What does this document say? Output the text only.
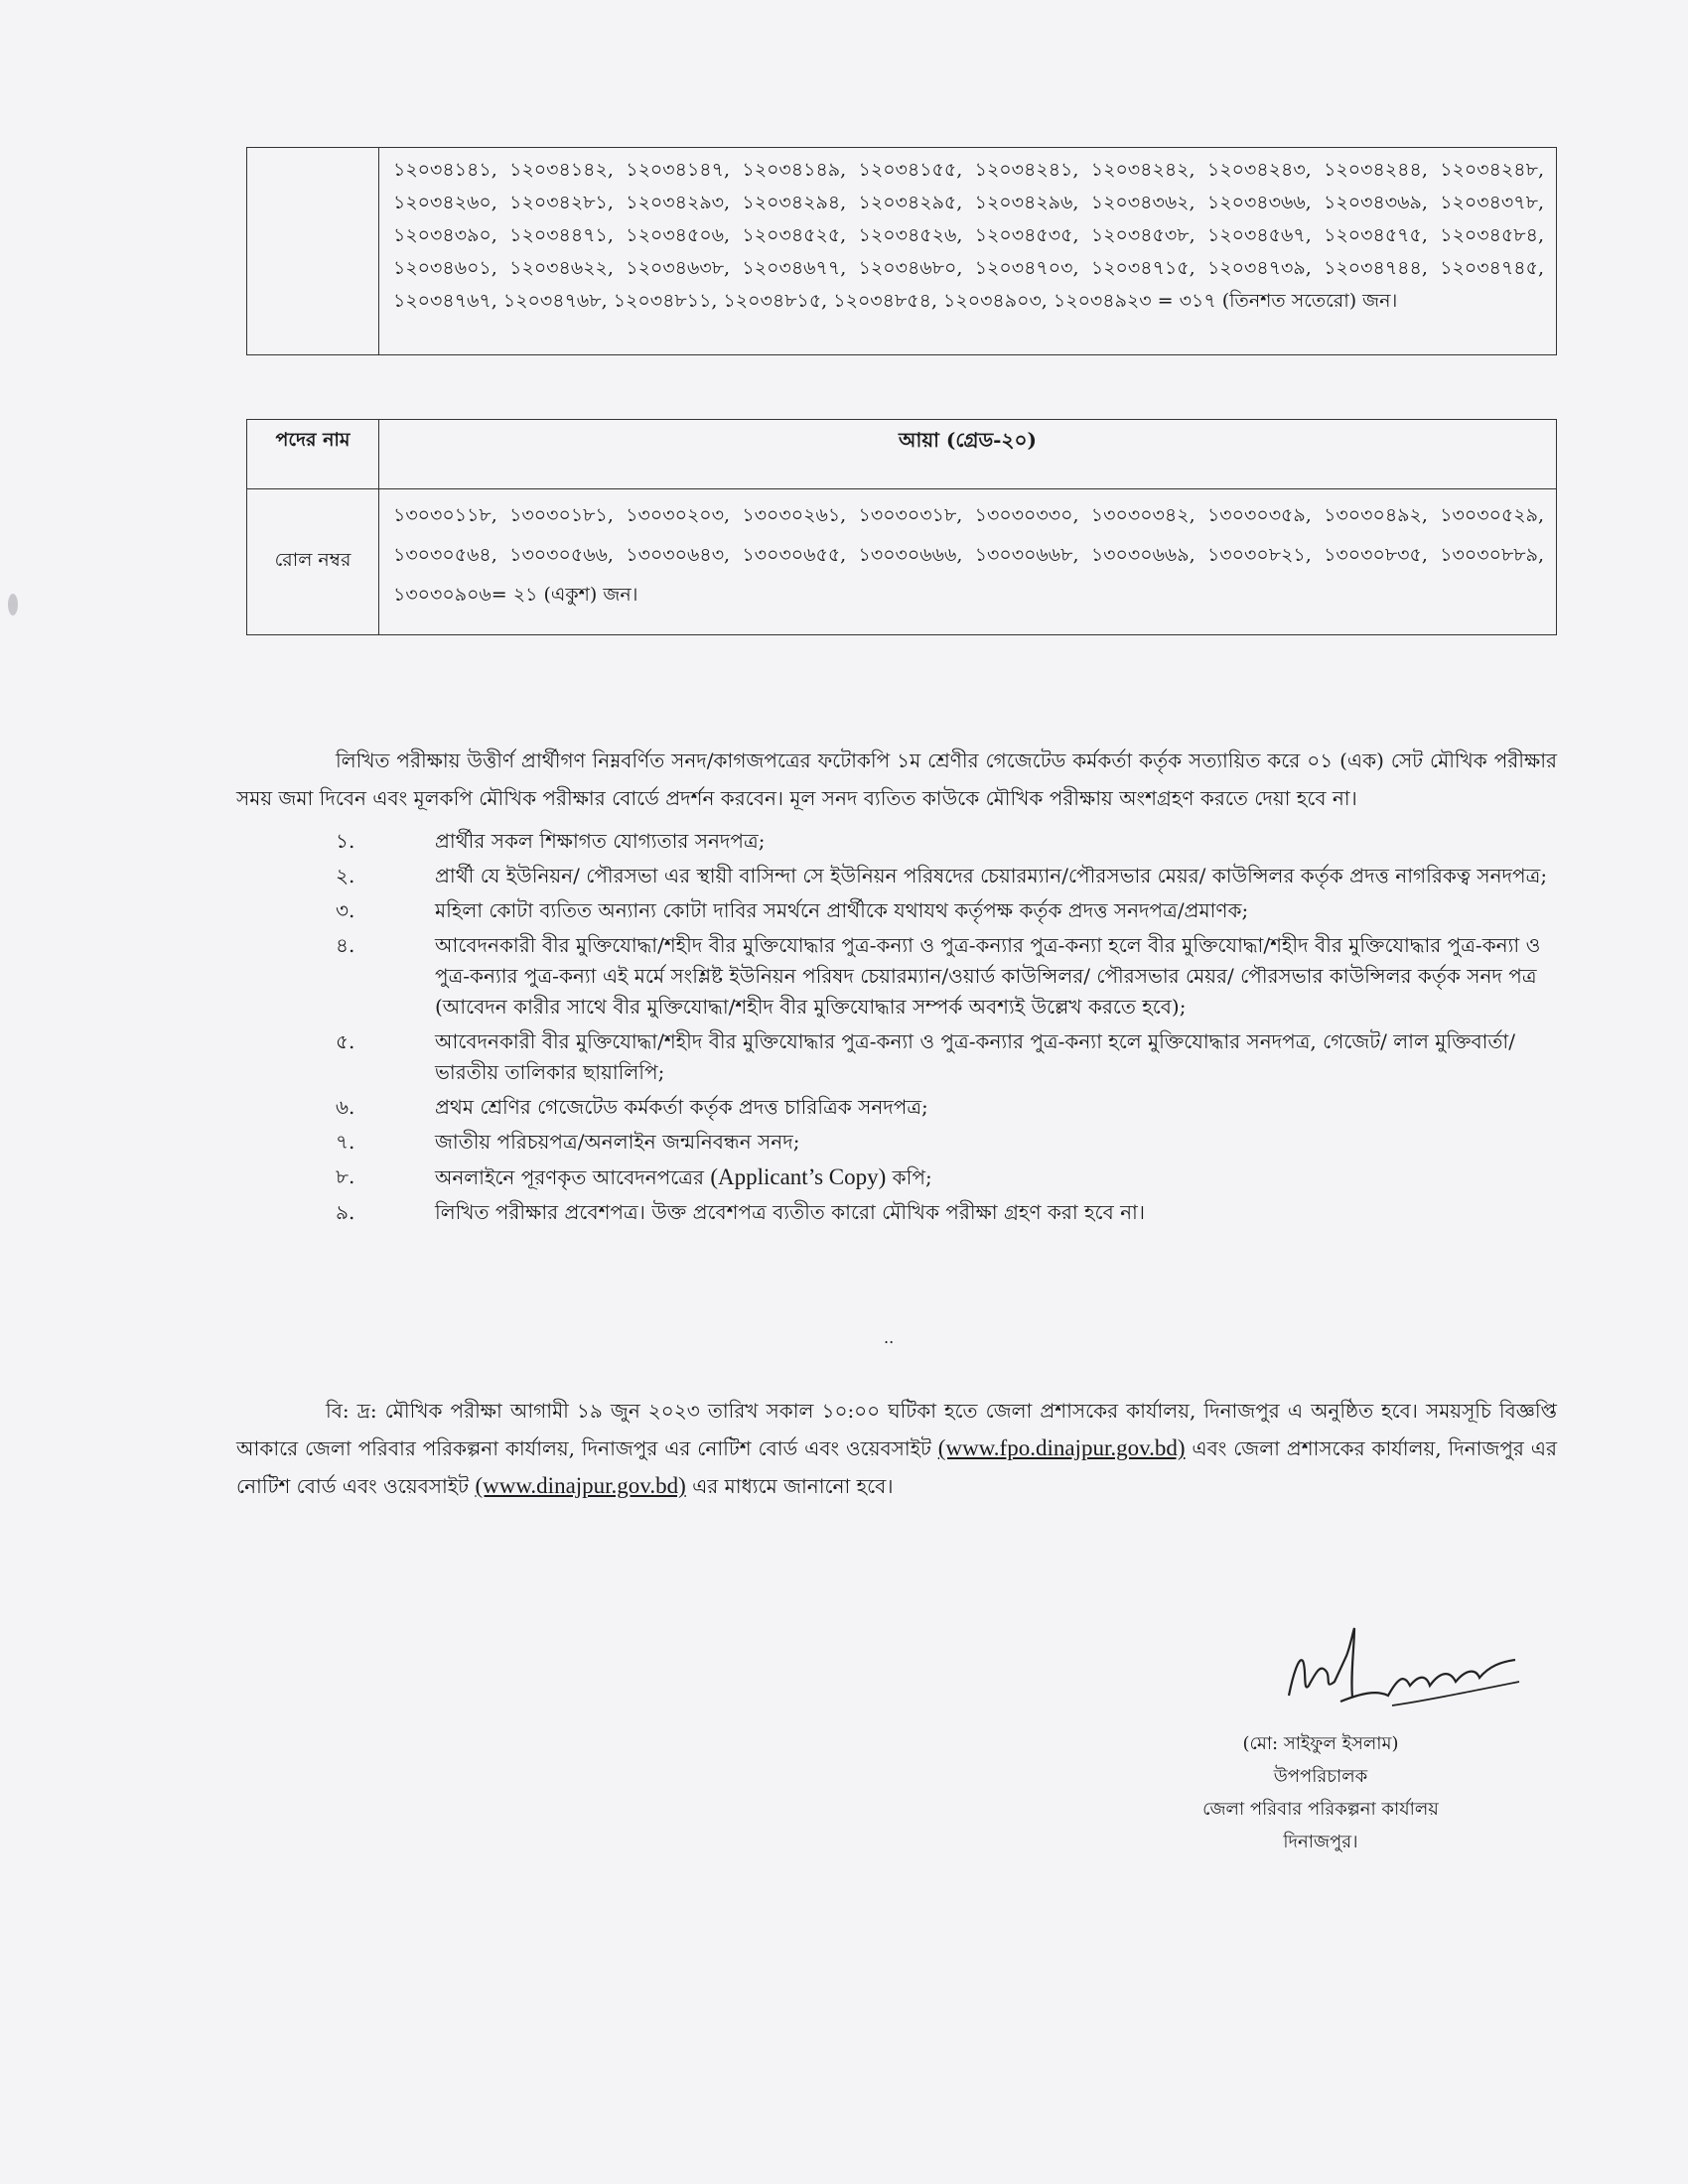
	১২০৩৪১৪১, ১২০৩৪১৪২, ১২০৩৪১৪৭, ১২০৩৪১৪৯, ১২০৩৪১৫৫, ১২০৩৪২৪১, ১২০৩৪২৪২, ১২০৩৪২৪৩, ১২০৩৪২৪৪, ১২০৩৪২৪৮, ১২০৩৪২৬০, ১২০৩৪২৮১, ১২০৩৪২৯৩, ১২০৩৪২৯৪, ১২০৩৪২৯৫, ১২০৩৪২৯৬, ১২০৩৪৩৬২, ১২০৩৪৩৬৬, ১২০৩৪৩৬৯, ১২০৩৪৩৭৮, ১২০৩৪৩৯০, ১২০৩৪৪৭১, ১২০৩৪৫০৬, ১২০৩৪৫২৫, ১২০৩৪৫২৬, ১২০৩৪৫৩৫, ১২০৩৪৫৩৮, ১২০৩৪৫৬৭, ১২০৩৪৫৭৫, ১২০৩৪৫৮৪, ১২০৩৪৬০১, ১২০৩৪৬২২, ১২০৩৪৬৩৮, ১২০৩৪৬৭৭, ১২০৩৪৬৮০, ১২০৩৪৭০৩, ১২০৩৪৭১৫, ১২০৩৪৭৩৯, ১২০৩৪৭৪৪, ১২০৩৪৭৪৫, ১২০৩৪৭৬৭, ১২০৩৪৭৬৮, ১২০৩৪৮১১, ১২০৩৪৮১৫, ১২০৩৪৮৫৪, ১২০৩৪৯০৩, ১২০৩৪৯২৩ = ৩১৭ (তিনশত সতেরো) জন।
পদের নাম	আয়া (গ্রেড-২০)
রোল নম্বর	১৩০৩০১১৮, ১৩০৩০১৮১, ১৩০৩০২০৩, ১৩০৩০২৬১, ১৩০৩০৩১৮, ১৩০৩০৩৩০, ১৩০৩০৩৪২, ১৩০৩০৩৫৯, ১৩০৩০৪৯২, ১৩০৩০৫২৯, ১৩০৩০৫৬৪, ১৩০৩০৫৬৬, ১৩০৩০৬৪৩, ১৩০৩০৬৫৫, ১৩০৩০৬৬৬, ১৩০৩০৬৬৮, ১৩০৩০৬৬৯, ১৩০৩০৮২১, ১৩০৩০৮৩৫, ১৩০৩০৮৮৯, ১৩০৩০৯০৬= ২১ (একুশ) জন।

লিখিত পরীক্ষায় উত্তীর্ণ প্রার্থীগণ নিম্নবর্ণিত সনদ/কাগজপত্রের ফটোকপি ১ম শ্রেণীর গেজেটেড কর্মকর্তা কর্তৃক সত্যায়িত করে ০১ (এক) সেট মৌখিক পরীক্ষার সময় জমা দিবেন এবং মূলকপি মৌখিক পরীক্ষার বোর্ডে প্রদর্শন করবেন। মূল সনদ ব্যতিত কাউকে মৌখিক পরীক্ষায় অংশগ্রহণ করতে দেয়া হবে না।

১.	প্রার্থীর সকল শিক্ষাগত যোগ্যতার সনদপত্র;
২.	প্রার্থী যে ইউনিয়ন/ পৌরসভা এর স্থায়ী বাসিন্দা সে ইউনিয়ন পরিষদের চেয়ারম্যান/পৌরসভার মেয়র/ কাউন্সিলর কর্তৃক প্রদত্ত নাগরিকত্ব সনদপত্র;
৩.	মহিলা কোটা ব্যতিত অন্যান্য কোটা দাবির সমর্থনে প্রার্থীকে যথাযথ কর্তৃপক্ষ কর্তৃক প্রদত্ত সনদপত্র/প্রমাণক;
৪.	আবেদনকারী বীর মুক্তিযোদ্ধা/শহীদ বীর মুক্তিযোদ্ধার পুত্র-কন্যা ও পুত্র-কন্যার পুত্র-কন্যা হলে বীর মুক্তিযোদ্ধা/শহীদ বীর মুক্তিযোদ্ধার পুত্র-কন্যা ও পুত্র-কন্যার পুত্র-কন্যা এই মর্মে সংশ্লিষ্ট ইউনিয়ন পরিষদ চেয়ারম্যান/ওয়ার্ড কাউন্সিলর/ পৌরসভার মেয়র/ পৌরসভার কাউন্সিলর কর্তৃক সনদ পত্র (আবেদন কারীর সাথে বীর মুক্তিযোদ্ধা/শহীদ বীর মুক্তিযোদ্ধার সম্পর্ক অবশ্যই উল্লেখ করতে হবে);
৫.	আবেদনকারী বীর মুক্তিযোদ্ধা/শহীদ বীর মুক্তিযোদ্ধার পুত্র-কন্যা ও পুত্র-কন্যার পুত্র-কন্যা হলে মুক্তিযোদ্ধার সনদপত্র, গেজেট/ লাল মুক্তিবার্তা/ ভারতীয় তালিকার ছায়ালিপি;
৬.	প্রথম শ্রেণির গেজেটেড কর্মকর্তা কর্তৃক প্রদত্ত চারিত্রিক সনদপত্র;
৭.	জাতীয় পরিচয়পত্র/অনলাইন জন্মনিবন্ধন সনদ;
৮.	অনলাইনে পূরণকৃত আবেদনপত্রের (Applicant’s Copy) কপি;
৯.	লিখিত পরীক্ষার প্রবেশপত্র। উক্ত প্রবেশপত্র ব্যতীত কারো মৌখিক পরীক্ষা গ্রহণ করা হবে না।
..

বি: দ্র: মৌখিক পরীক্ষা আগামী ১৯ জুন ২০২৩ তারিখ সকাল ১০:০০ ঘটিকা হতে জেলা প্রশাসকের কার্যালয়, দিনাজপুর এ অনুষ্ঠিত হবে। সময়সূচি বিজ্ঞপ্তি আকারে জেলা পরিবার পরিকল্পনা কার্যালয়, দিনাজপুর এর নোটিশ বোর্ড এবং ওয়েবসাইট (www.fpo.dinajpur.gov.bd) এবং জেলা প্রশাসকের কার্যালয়, দিনাজপুর এর নোটিশ বোর্ড এবং ওয়েবসাইট (www.dinajpur.gov.bd) এর মাধ্যমে জানানো হবে।

(মো: সাইফুল ইসলাম)
উপপরিচালক
জেলা পরিবার পরিকল্পনা কার্যালয়
দিনাজপুর।
